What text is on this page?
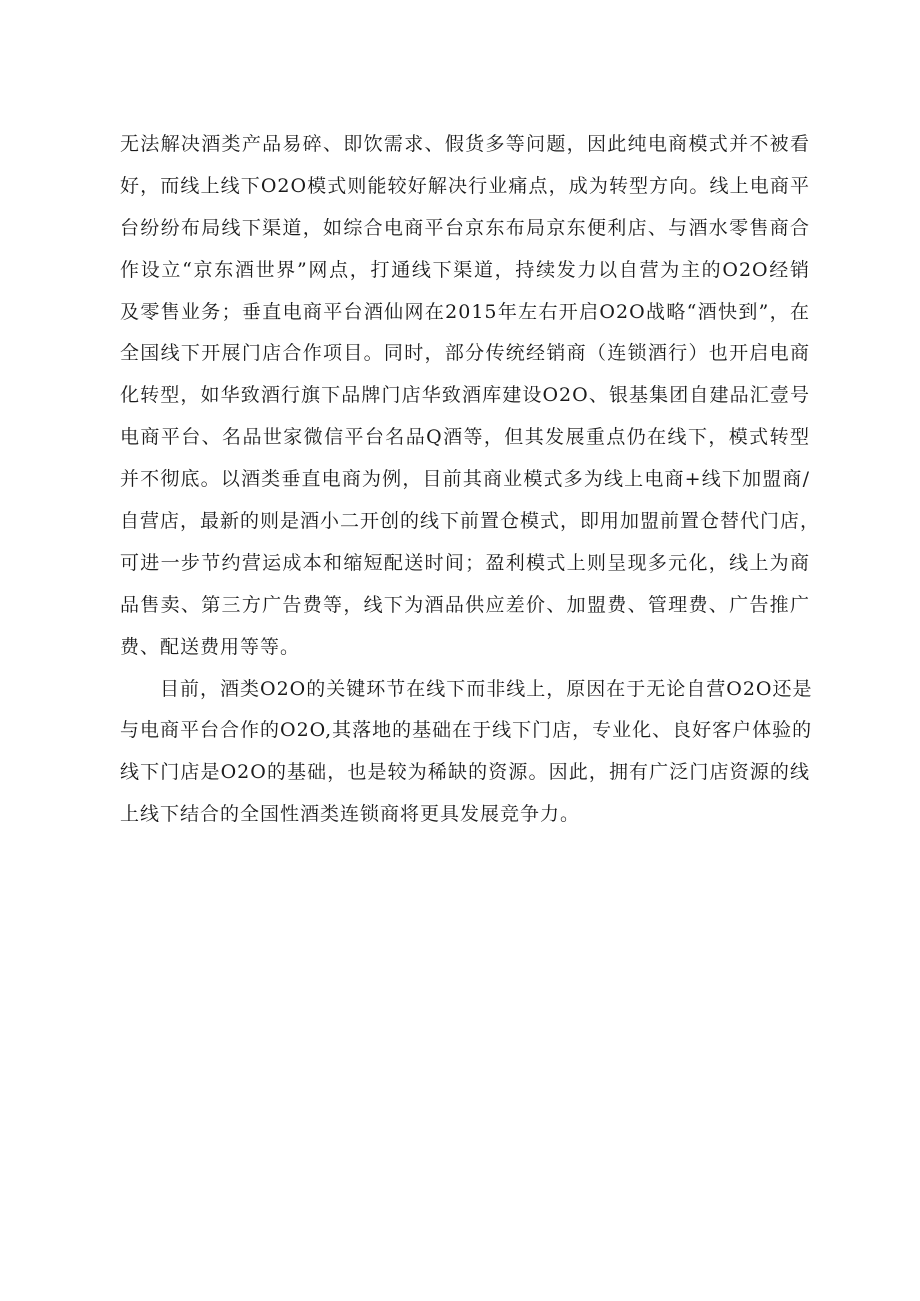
无法解决酒类产品易碎、即饮需求、假货多等问题，因此纯电商模式并不被看
好，而线上线下O2O模式则能较好解决行业痛点，成为转型方向。线上电商平
台纷纷布局线下渠道，如综合电商平台京东布局京东便利店、与酒水零售商合
作设立“京东酒世界”网点，打通线下渠道，持续发力以自营为主的O2O经销
及零售业务；垂直电商平台酒仙网在2015年左右开启O2O战略“酒快到”，在
全国线下开展门店合作项目。同时，部分传统经销商（连锁酒行）也开启电商
化转型，如华致酒行旗下品牌门店华致酒库建设O2O、银基集团自建品汇壹号
电商平台、名品世家微信平台名品Q酒等，但其发展重点仍在线下，模式转型
并不彻底。以酒类垂直电商为例，目前其商业模式多为线上电商+线下加盟商/
自营店，最新的则是酒小二开创的线下前置仓模式，即用加盟前置仓替代门店，
可进一步节约营运成本和缩短配送时间；盈利模式上则呈现多元化，线上为商
品售卖、第三方广告费等，线下为酒品供应差价、加盟费、管理费、广告推广
费、配送费用等等。
目前，酒类O2O的关键环节在线下而非线上，原因在于无论自营O2O还是
与电商平台合作的O2O,其落地的基础在于线下门店，专业化、良好客户体验的
线下门店是O2O的基础，也是较为稀缺的资源。因此，拥有广泛门店资源的线
上线下结合的全国性酒类连锁商将更具发展竞争力。
